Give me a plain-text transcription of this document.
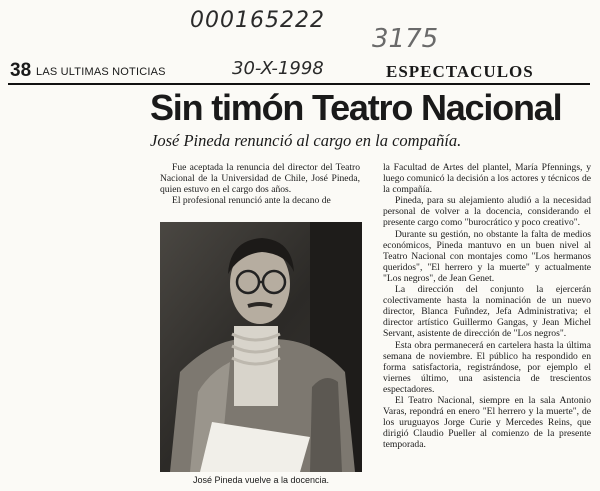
000165222
3175
30-X-1998
38 LAS ULTIMAS NOTICIAS	ESPECTACULOS
Sin timón Teatro Nacional
José Pineda renunció al cargo en la compañía.

Fue aceptada la renuncia del director del Teatro Nacional de la Universidad de Chile, José Pineda, quien estuvo en el cargo dos años.

El profesional renunció ante la decano de

José Pineda vuelve a la docencia.

la Facultad de Artes del plantel, María Pfennings, y luego comunicó la decisión a los actores y técnicos de la compañía.

Pineda, para su alejamiento aludió a la necesidad personal de volver a la docencia, considerando el presente cargo como "burocrático y poco creativo".

Durante su gestión, no obstante la falta de medios económicos, Pineda mantuvo en un buen nivel al Teatro Nacional con montajes como "Los hermanos queridos", "El herrero y la muerte" y actualmente "Los negros", de Jean Genet.

La dirección del conjunto la ejercerán colectivamente hasta la nominación de un nuevo director, Blanca Fuñndez, Jefa Administrativa; el director artístico Guillermo Gangas, y Jean Michel Servant, asistente de dirección de "Los negros".

Esta obra permanecerá en cartelera hasta la última semana de noviembre. El público ha respondido en forma satisfactoria, registrándose, por ejemplo el viernes último, una asistencia de trescientos espectadores.

El Teatro Nacional, siempre en la sala Antonio Varas, repondrá en enero "El herrero y la muerte", de los uruguayos Jorge Curie y Mercedes Reins, que dirigió Claudio Pueller al comienzo de la presente temporada.
